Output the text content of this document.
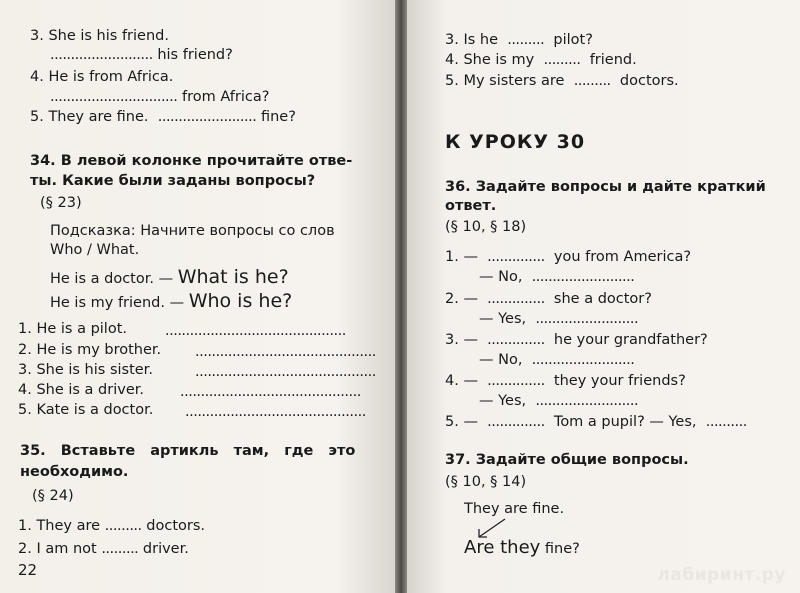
3. She is his friend.
......................... his friend?
4. He is from Africa.
............................... from Africa?
5. They are fine. ........................ fine?
34. В левой колонке прочитайте отве-
ты. Какие были заданы вопросы?
(§ 23)
Подсказка: Начните вопросы со слов
Who / What.
He is a doctor. — What is he?
He is my friend. — Who is he?
1. He is a pilot.	............................................
2. He is my brother. ............................................
3. She is his sister.	............................................
4. She is a driver. ............................................
5. Kate is a doctor. ............................................
35. Вставьте артикль там, где это
необходимо.
(§ 24)
1. They are ......... doctors.
2. I am not ......... driver.
22
3. Is he ......... pilot?
4. She is my ......... friend.
5. My sisters are ......... doctors.
К УРОКУ 30
36. Задайте вопросы и дайте краткий
ответ.
(§ 10, § 18)
1. — .............. you from America?
— No, .........................
2. — .............. she a doctor?
— Yes, .........................
3. — .............. he your grandfather?
— No, .........................
4. — .............. they your friends?
— Yes, .........................
5. — .............. Tom a pupil? — Yes, ..........
37. Задайте общие вопросы.
(§ 10, § 14)
They are fine.
Are they fine?
лабиринт.ру
